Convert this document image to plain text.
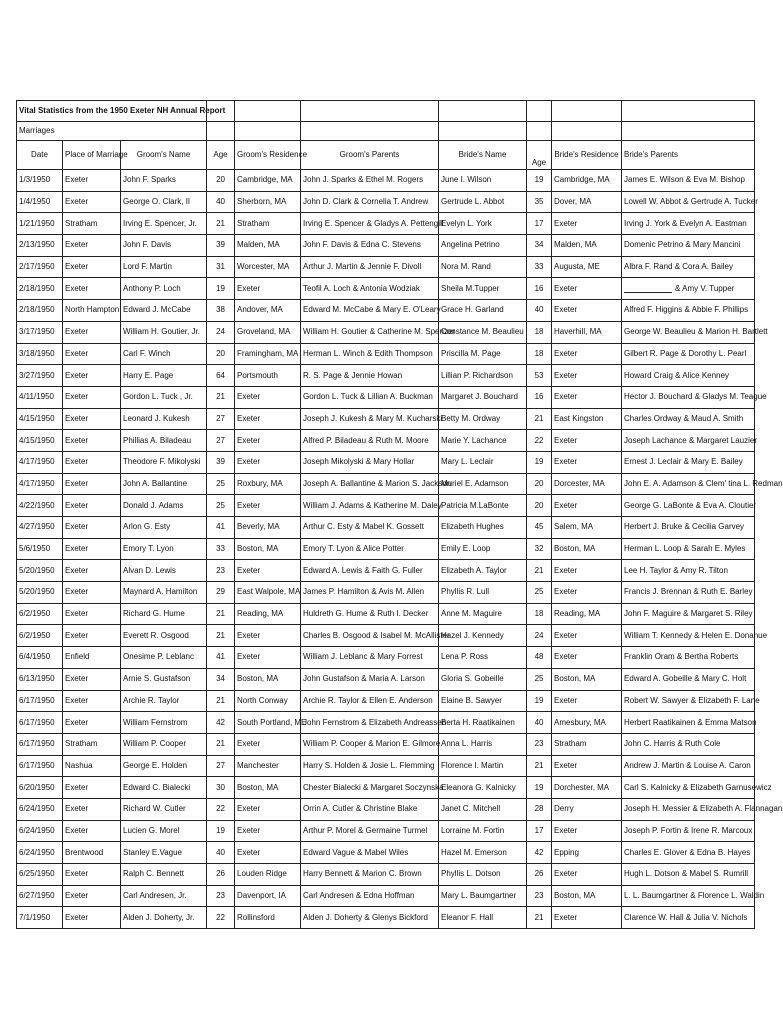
Vital Statistics from the 1950 Exeter NH Annual Report									
Marriages									
Date	Place of Marriage	Groom's Name	Age	Groom's Residence	Groom's Parents	Bride's Name	Age	Bride's Residence	Bride's Parents
1/3/1950	Exeter	John F. Sparks	20	Cambridge, MA	John J. Sparks & Ethel M. Rogers	June I. Wilson	19	Cambridge, MA	James E. Wilson & Eva M. Bishop
1/4/1950	Exeter	George O. Clark, II	40	Sherborn, MA	John D. Clark & Cornelia T. Andrew	Gertrude L. Abbot	35	Dover, MA	Lowell W. Abbot & Gertrude A. Tucker
1/21/1950	Stratham	Irving E. Spencer, Jr.	21	Stratham	Irving E. Spencer & Gladys A. Pettengill	Evelyn L. York	17	Exeter	Irving J. York & Evelyn A. Eastman
2/13/1950	Exeter	John F. Davis	39	Malden, MA	John F. Davis & Edna C. Stevens	Angelina Petrino	34	Malden, MA	Domenic Petrino & Mary Mancini
2/17/1950	Exeter	Lord F. Martin	31	Worcester, MA	Arthur J. Martin & Jennie F. Divoll	Nora M. Rand	33	Augusta, ME	Albra F. Rand & Cora A. Bailey
2/18/1950	Exeter	Anthony P. Loch	19	Exeter	Teofil A. Loch & Antonia Wodziak	Sheila M.Tupper	16	Exeter	& Amy V. Tupper
2/18/1950	North Hampton	Edward J. McCabe	38	Andover, MA	Edward M. McCabe & Mary E. O'Leary	Grace H. Garland	40	Exeter	Alfred F. Higgins & Abbie F. Phillips
3/17/1950	Exeter	William H. Goutier, Jr.	24	Groveland, MA	William H. Goutier & Catherine M. Spenzer	Constance M. Beaulieu	18	Haverhill, MA	George W. Beaulieu & Marion H. Bartlett
3/18/1950	Exeter	Carl F. Winch	20	Framingham, MA	Herman L. Winch & Edith Thompson	Priscilla M. Page	18	Exeter	Gilbert R. Page & Dorothy L. Pearl
3/27/1950	Exeter	Harry E. Page	64	Portsmouth	R. S. Page & Jennie Howan	Lillian P. Richardson	53	Exeter	Howard Craig & Alice Kenney
4/11/1950	Exeter	Gordon L. Tuck , Jr.	21	Exeter	Gordon L. Tuck & Lillian A. Buckman	Margaret J. Bouchard	16	Exeter	Hector J. Bouchard & Gladys M. Teague
4/15/1950	Exeter	Leonard J. Kukesh	27	Exeter	Joseph J. Kukesh & Mary M. Kucharski	Betty M. Ordway	21	East Kingston	Charles Ordway & Maud A. Smith
4/15/1950	Exeter	Phillias A. Biladeau	27	Exeter	Alfred P. Biladeau & Ruth M. Moore	Marie Y. Lachance	22	Exeter	Joseph Lachance & Margaret Lauzier
4/17/1950	Exeter	Theodore F. Mikolyski	39	Exeter	Joseph Mikolyski & Mary Hollar	Mary L. Leclair	19	Exeter	Ernest J. Leclair & Mary E. Bailey
4/17/1950	Exeter	John A. Ballantine	25	Roxbury, MA	Joseph A. Ballantine & Marion S. Jackson	Muriel E. Adamson	20	Dorcester, MA	John E. A. Adamson & Clem' tina L. Redman
4/22/1950	Exeter	Donald J. Adams	25	Exeter	William J. Adams & Katherine M. Daley	Patricia M.LaBonte	20	Exeter	George G. LaBonte & Eva A. Cloutier
4/27/1950	Exeter	Arlon G. Esty	41	Beverly, MA	Arthur C. Esty & Mabel K. Gossett	Elizabeth Hughes	45	Salem, MA	Herbert J. Bruke & Cecilia Garvey
5/6/1950	Exeter	Emory T. Lyon	33	Boston, MA	Emory T. Lyon & Alice Potter	Emily E. Loop	32	Boston, MA	Herman L. Loop & Sarah E. Myles
5/20/1950	Exeter	Alvan D. Lewis	23	Exeter	Edward A. Lewis & Faith G. Fuller	Elizabeth A. Taylor	21	Exeter	Lee H. Taylor & Amy R. Tilton
5/20/1950	Exeter	Maynard A. Hamilton	29	East Walpole, MA	James P. Hamilton & Avis M. Allen	Phyllis R. Lull	25	Exeter	Francis J. Brennan & Ruth E. Barley
6/2/1950	Exeter	Richard G. Hume	21	Reading, MA	Huldreth G. Hume & Ruth I. Decker	Anne M. Maguire	18	Reading, MA	John F. Maguire & Margaret S. Riley
6/2/1950	Exeter	Everett R. Osgood	21	Exeter	Charles B. Osgood & Isabel M. McAllister	Hazel J. Kennedy	24	Exeter	William T. Kennedy & Helen E. Donahue
6/4/1950	Enfield	Onesime P. Leblanc	41	Exeter	William J. Leblanc & Mary Forrest	Lena P. Ross	48	Exeter	Franklin Oram & Bertha Roberts
6/13/1950	Exeter	Arnie S. Gustafson	34	Boston, MA	John Gustafson & Maria A. Larson	Gloria S. Gobeille	25	Boston, MA	Edward A. Gobeille & Mary C. Holt
6/17/1950	Exeter	Archie R. Taylor	21	North Conway	Archie R. Taylor & Ellen E. Anderson	Elaine B. Sawyer	19	Exeter	Robert W. Sawyer & Elizabeth F. Lane
6/17/1950	Exeter	William Fernstrom	42	South Portland, ME	John Fernstrom & Elizabeth Andreassen	Berta H. Raatikainen	40	Amesbury, MA	Herbert Raatikainen & Emma Matson
6/17/1950	Stratham	William P. Cooper	21	Exeter	William P. Cooper & Marion E. Gilmore	Anna L. Harris	23	Stratham	John C. Harris & Ruth Cole
6/17/1950	Nashua	George E. Holden	27	Manchester	Harry S. Holden & Josie L. Flemming	Florence I. Martin	21	Exeter	Andrew J. Martin & Louise A. Caron
6/20/1950	Exeter	Edward C. Bialecki	30	Boston, MA	Chester Bialecki & Margaret Soczynska	Eleanora G. Kalnicky	19	Dorchester, MA	Carl S. Kalnicky & Elizabeth Garnusewicz
6/24/1950	Exeter	Richard W. Cutler	22	Exeter	Orrin A. Cutler & Christine Blake	Janet C. Mitchell	28	Derry	Joseph H. Messier & Elizabeth A. Flannagan
6/24/1950	Exeter	Lucien G. Morel	19	Exeter	Arthur P. Morel & Germaine Turmel	Lorraine M. Fortin	17	Exeter	Joseph P. Fortin & Irene R. Marcoux
6/24/1950	Brentwood	Stanley E.Vague	40	Exeter	Edward Vague & Mabel Wiles	Hazel M. Emerson	42	Epping	Charles E. Glover & Edna B. Hayes
6/25/1950	Exeter	Ralph C. Bennett	26	Louden Ridge	Harry Bennett & Marion C. Brown	Phyllis L. Dotson	26	Exeter	Hugh L. Dotson & Mabel S. Rumrill
6/27/1950	Exeter	Carl Andresen, Jr.	23	Davenport, IA	Carl Andresen & Edna Hoffman	Mary L. Baumgartner	23	Boston, MA	L. L. Baumgartner & Florence L. Waldin
7/1/1950	Exeter	Alden J. Doherty, Jr.	22	Rollinsford	Alden J. Doherty & Glenys Bickford	Eleanor F. Hall	21	Exeter	Clarence W. Hall & Julia V. Nichols
